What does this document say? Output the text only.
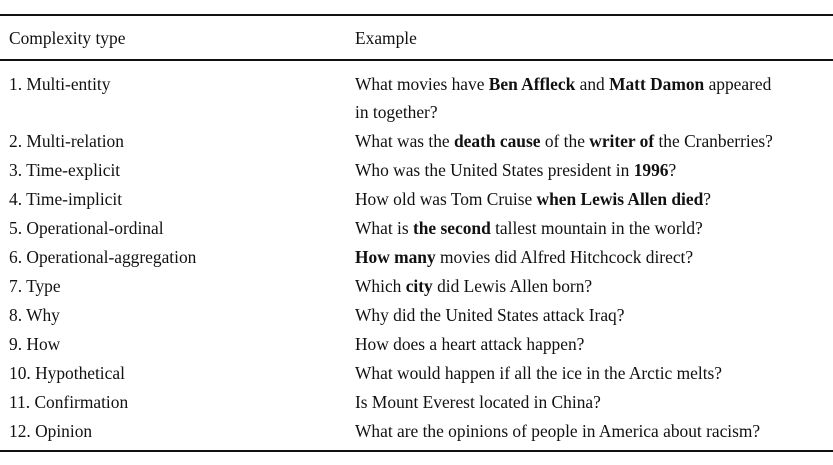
Complexity type	Example
1. Multi-entity	What movies have Ben Affleck and Matt Damon appeared
in together?
2. Multi-relation	What was the death cause of the writer of the Cranberries?
3. Time-explicit	Who was the United States president in 1996?
4. Time-implicit	How old was Tom Cruise when Lewis Allen died?
5. Operational-ordinal	What is the second tallest mountain in the world?
6. Operational-aggregation	How many movies did Alfred Hitchcock direct?
7. Type	Which city did Lewis Allen born?
8. Why	Why did the United States attack Iraq?
9. How	How does a heart attack happen?
10. Hypothetical	What would happen if all the ice in the Arctic melts?
11. Confirmation	Is Mount Everest located in China?
12. Opinion	What are the opinions of people in America about racism?
